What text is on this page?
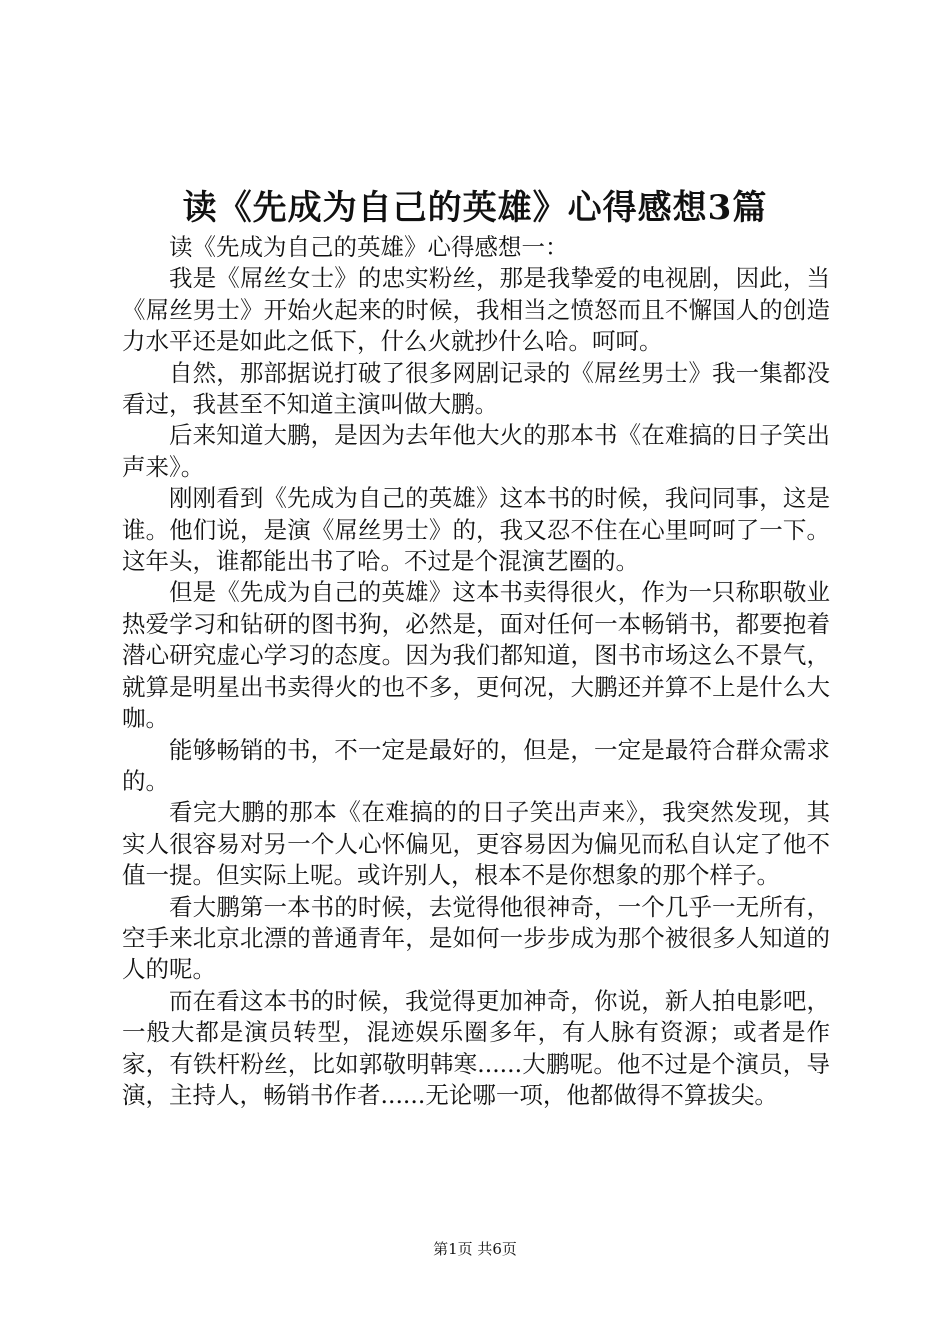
读《先成为自己的英雄》心得感想3篇

读《先成为自己的英雄》心得感想一：

我是《屌丝女士》的忠实粉丝，那是我挚爱的电视剧，因此，当《屌丝男士》开始火起来的时候，我相当之愤怒而且不懈国人的创造力水平还是如此之低下，什么火就抄什么哈。呵呵。

自然，那部据说打破了很多网剧记录的《屌丝男士》我一集都没看过，我甚至不知道主演叫做大鹏。

后来知道大鹏，是因为去年他大火的那本书《在难搞的日子笑出声来》。

刚刚看到《先成为自己的英雄》这本书的时候，我问同事，这是谁。他们说，是演《屌丝男士》的，我又忍不住在心里呵呵了一下。这年头，谁都能出书了哈。不过是个混演艺圈的。

但是《先成为自己的英雄》这本书卖得很火，作为一只称职敬业热爱学习和钻研的图书狗，必然是，面对任何一本畅销书，都要抱着潜心研究虚心学习的态度。因为我们都知道，图书市场这么不景气，就算是明星出书卖得火的也不多，更何况，大鹏还并算不上是什么大咖。

能够畅销的书，不一定是最好的，但是，一定是最符合群众需求的。

看完大鹏的那本《在难搞的的日子笑出声来》，我突然发现，其实人很容易对另一个人心怀偏见，更容易因为偏见而私自认定了他不值一提。但实际上呢。或许别人，根本不是你想象的那个样子。

看大鹏第一本书的时候，去觉得他很神奇，一个几乎一无所有，空手来北京北漂的普通青年，是如何一步步成为那个被很多人知道的人的呢。

而在看这本书的时候，我觉得更加神奇，你说，新人拍电影吧，一般大都是演员转型，混迹娱乐圈多年，有人脉有资源；或者是作家，有铁杆粉丝，比如郭敬明韩寒......大鹏呢。他不过是个演员，导演，主持人，畅销书作者......无论哪一项，他都做得不算拔尖。

第1页 共6页
